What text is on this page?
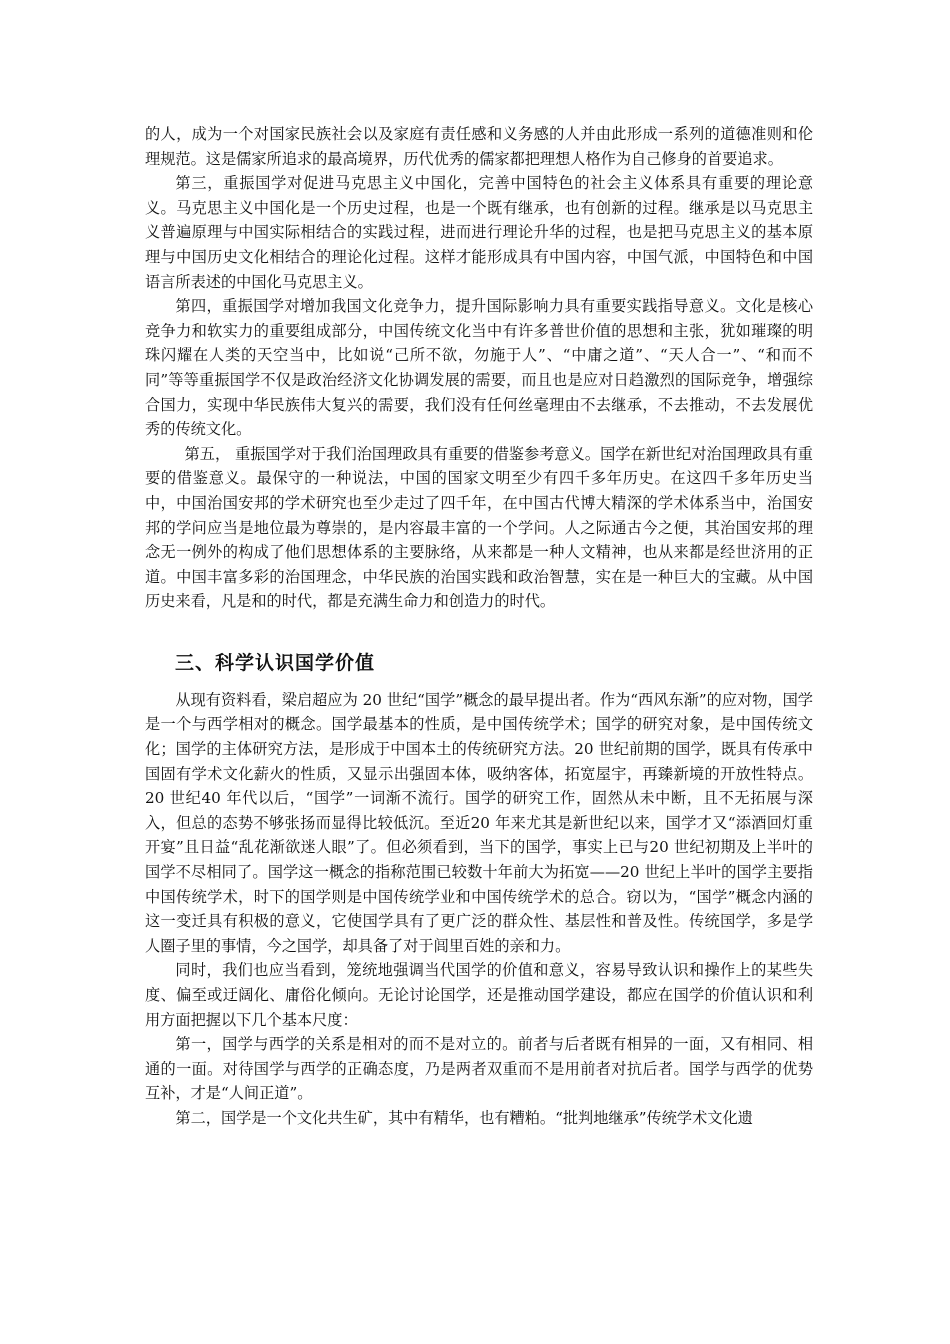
的人，成为一个对国家民族社会以及家庭有责任感和义务感的人并由此形成一系列的道德准则和伦理规范。这是儒家所追求的最高境界，历代优秀的儒家都把理想人格作为自己修身的首要追求。

第三，重振国学对促进马克思主义中国化，完善中国特色的社会主义体系具有重要的理论意义。马克思主义中国化是一个历史过程，也是一个既有继承，也有创新的过程。继承是以马克思主义普遍原理与中国实际相结合的实践过程，进而进行理论升华的过程，也是把马克思主义的基本原理与中国历史文化相结合的理论化过程。这样才能形成具有中国内容，中国气派，中国特色和中国语言所表述的中国化马克思主义。

第四，重振国学对增加我国文化竞争力，提升国际影响力具有重要实践指导意义。文化是核心竞争力和软实力的重要组成部分，中国传统文化当中有许多普世价值的思想和主张，犹如璀璨的明珠闪耀在人类的天空当中，比如说“己所不欲，勿施于人”、“中庸之道”、“天人合一”、“和而不同”等等重振国学不仅是政治经济文化协调发展的需要，而且也是应对日趋激烈的国际竞争，增强综合国力，实现中华民族伟大复兴的需要，我们没有任何丝毫理由不去继承，不去推动，不去发展优秀的传统文化。

第五， 重振国学对于我们治国理政具有重要的借鉴参考意义。国学在新世纪对治国理政具有重要的借鉴意义。最保守的一种说法，中国的国家文明至少有四千多年历史。在这四千多年历史当中，中国治国安邦的学术研究也至少走过了四千年，在中国古代博大精深的学术体系当中，治国安邦的学问应当是地位最为尊崇的，是内容最丰富的一个学问。人之际通古今之便，其治国安邦的理念无一例外的构成了他们思想体系的主要脉络，从来都是一种人文精神，也从来都是经世济用的正道。中国丰富多彩的治国理念，中华民族的治国实践和政治智慧，实在是一种巨大的宝藏。从中国历史来看，凡是和的时代，都是充满生命力和创造力的时代。

三、科学认识国学价值

从现有资料看，梁启超应为 20 世纪“国学”概念的最早提出者。作为“西风东渐”的应对物，国学是一个与西学相对的概念。国学最基本的性质，是中国传统学术；国学的研究对象，是中国传统文化；国学的主体研究方法，是形成于中国本土的传统研究方法。20 世纪前期的国学，既具有传承中国固有学术文化薪火的性质，又显示出强固本体，吸纳客体，拓宽屋宇，再臻新境的开放性特点。20 世纪40 年代以后，“国学”一词渐不流行。国学的研究工作，固然从未中断，且不无拓展与深入，但总的态势不够张扬而显得比较低沉。至近20 年来尤其是新世纪以来，国学才又“添酒回灯重开宴”且日益“乱花渐欲迷人眼”了。但必须看到，当下的国学，事实上已与20 世纪初期及上半叶的国学不尽相同了。国学这一概念的指称范围已较数十年前大为拓宽——20 世纪上半叶的国学主要指中国传统学术，时下的国学则是中国传统学业和中国传统学术的总合。窃以为，“国学”概念内涵的这一变迁具有积极的意义，它使国学具有了更广泛的群众性、基层性和普及性。传统国学，多是学人圈子里的事情，今之国学，却具备了对于闾里百姓的亲和力。

同时，我们也应当看到，笼统地强调当代国学的价值和意义，容易导致认识和操作上的某些失度、偏至或迂阔化、庸俗化倾向。无论讨论国学，还是推动国学建设，都应在国学的价值认识和利用方面把握以下几个基本尺度：

第一，国学与西学的关系是相对的而不是对立的。前者与后者既有相异的一面，又有相同、相通的一面。对待国学与西学的正确态度，乃是两者双重而不是用前者对抗后者。国学与西学的优势互补，才是“人间正道”。

第二，国学是一个文化共生矿，其中有精华，也有糟粕。“批判地继承”传统学术文化遗
